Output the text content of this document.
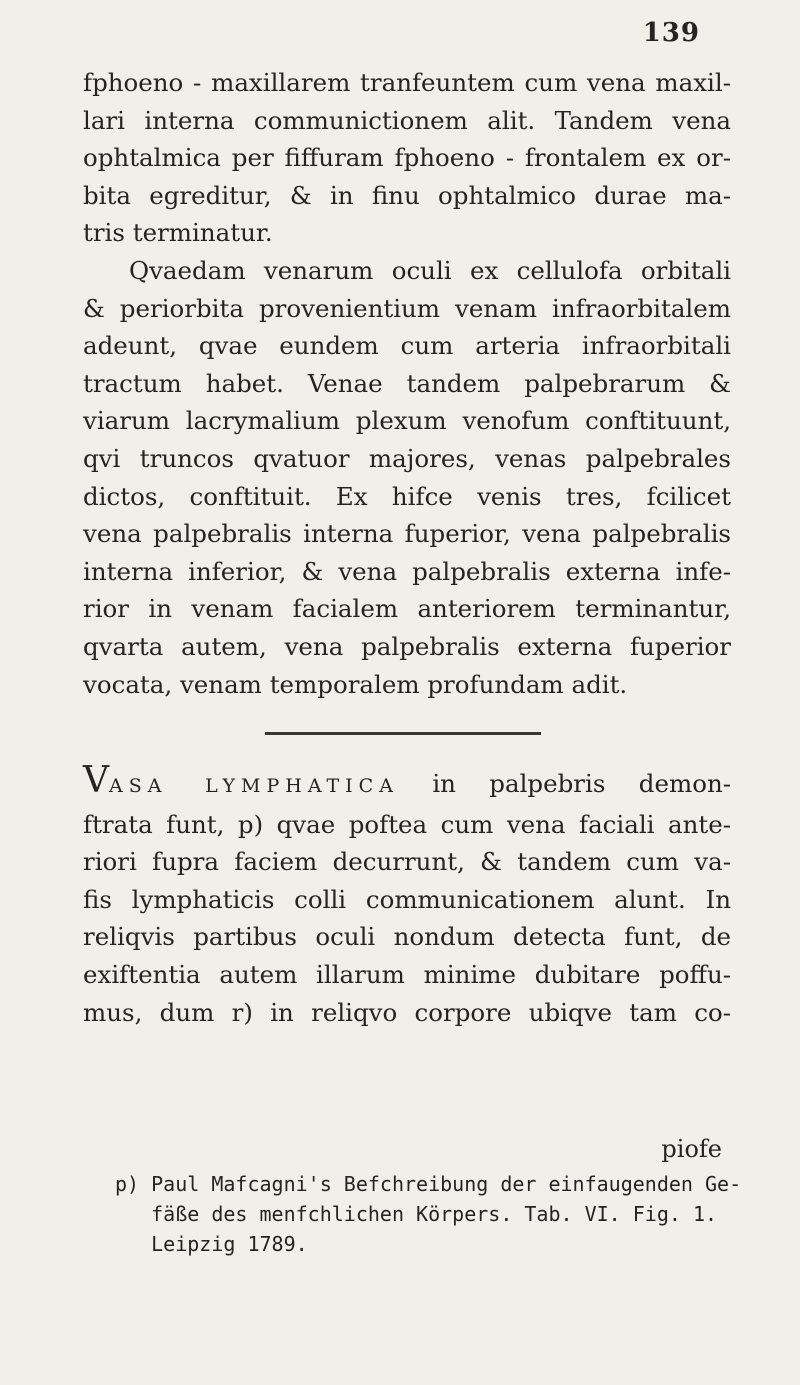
139
fphoeno - maxillarem tranfeuntem cum vena maxil-
lari interna communictionem alit. Tandem vena
ophtalmica per fiffuram fphoeno - frontalem ex or-
bita egreditur, & in finu ophtalmico durae ma-
tris terminatur.
Qvaedam venarum oculi ex cellulofa orbitali
& periorbita provenientium venam infraorbitalem
adeunt, qvae eundem cum arteria infraorbitali
tractum habet. Venae tandem palpebrarum &
viarum lacrymalium plexum venofum conftituunt,
qvi truncos qvatuor majores, venas palpebrales
dictos, conftituit. Ex hifce venis tres, fcilicet
vena palpebralis interna fuperior, vena palpebralis
interna inferior, & vena palpebralis externa infe-
rior in venam facialem anteriorem terminantur,
qvarta autem, vena palpebralis externa fuperior
vocata, venam temporalem profundam adit.
VASA LYMPHATICA in palpebris demon-
ftrata funt, p) qvae poftea cum vena faciali ante-
riori fupra faciem decurrunt, & tandem cum va-
fis lymphaticis colli communicationem alunt. In
reliqvis partibus oculi nondum detecta funt, de
exiftentia autem illarum minime dubitare poffu-
mus, dum r) in reliqvo corpore ubiqve tam co-
piofe
p) Paul Mafcagni's Befchreibung der einfaugenden Ge-
fäße des menfchlichen Körpers. Tab. VI. Fig. 1.
Leipzig 1789.
